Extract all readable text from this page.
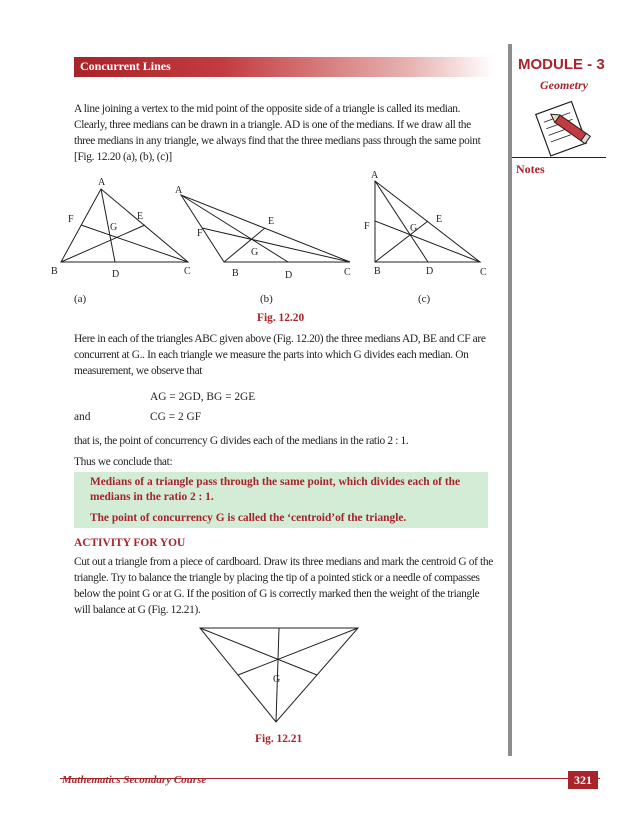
Concurrent Lines	MODULE - 3
Geometry
Notes
A line joining a vertex to the mid point of the opposite side of a triangle is called its median. Clearly, three medians can be drawn in a triangle. AD is one of the medians. If we draw all the three medians in any triangle, we always find that the three medians pass through the same point [Fig. 12.20 (a), (b), (c)]
A
B	C
D
E
F
G
A
B	C
D
E
F
G
A
B	C
D
E
F	G
(a)	(b)	(c)
Fig. 12.20
Here in each of the triangles ABC given above (Fig. 12.20) the three medians AD, BE and CF are concurrent at G.. In each triangle we measure the parts into which G divides each median. On measurement, we observe that
AG = 2GD, BG = 2GE
and	CG = 2 GF
that is, the point of concurrency G divides each of the medians in the ratio 2 : 1.
Thus we conclude that:
Medians of a triangle pass through the same point, which divides each of the medians in the ratio 2 : 1.
The point of concurrency G is called the ‘centroid’of the triangle.
ACTIVITY FOR YOU
Cut out a triangle from a piece of cardboard. Draw its three medians and mark the centroid G of the triangle. Try to balance the triangle by placing the tip of a pointed stick or a needle of compasses below the point G or at G. If the position of G is correctly marked then the weight of the triangle will balance at G (Fig. 12.21).
G
Fig. 12.21
Mathematics Secondary Course	321
